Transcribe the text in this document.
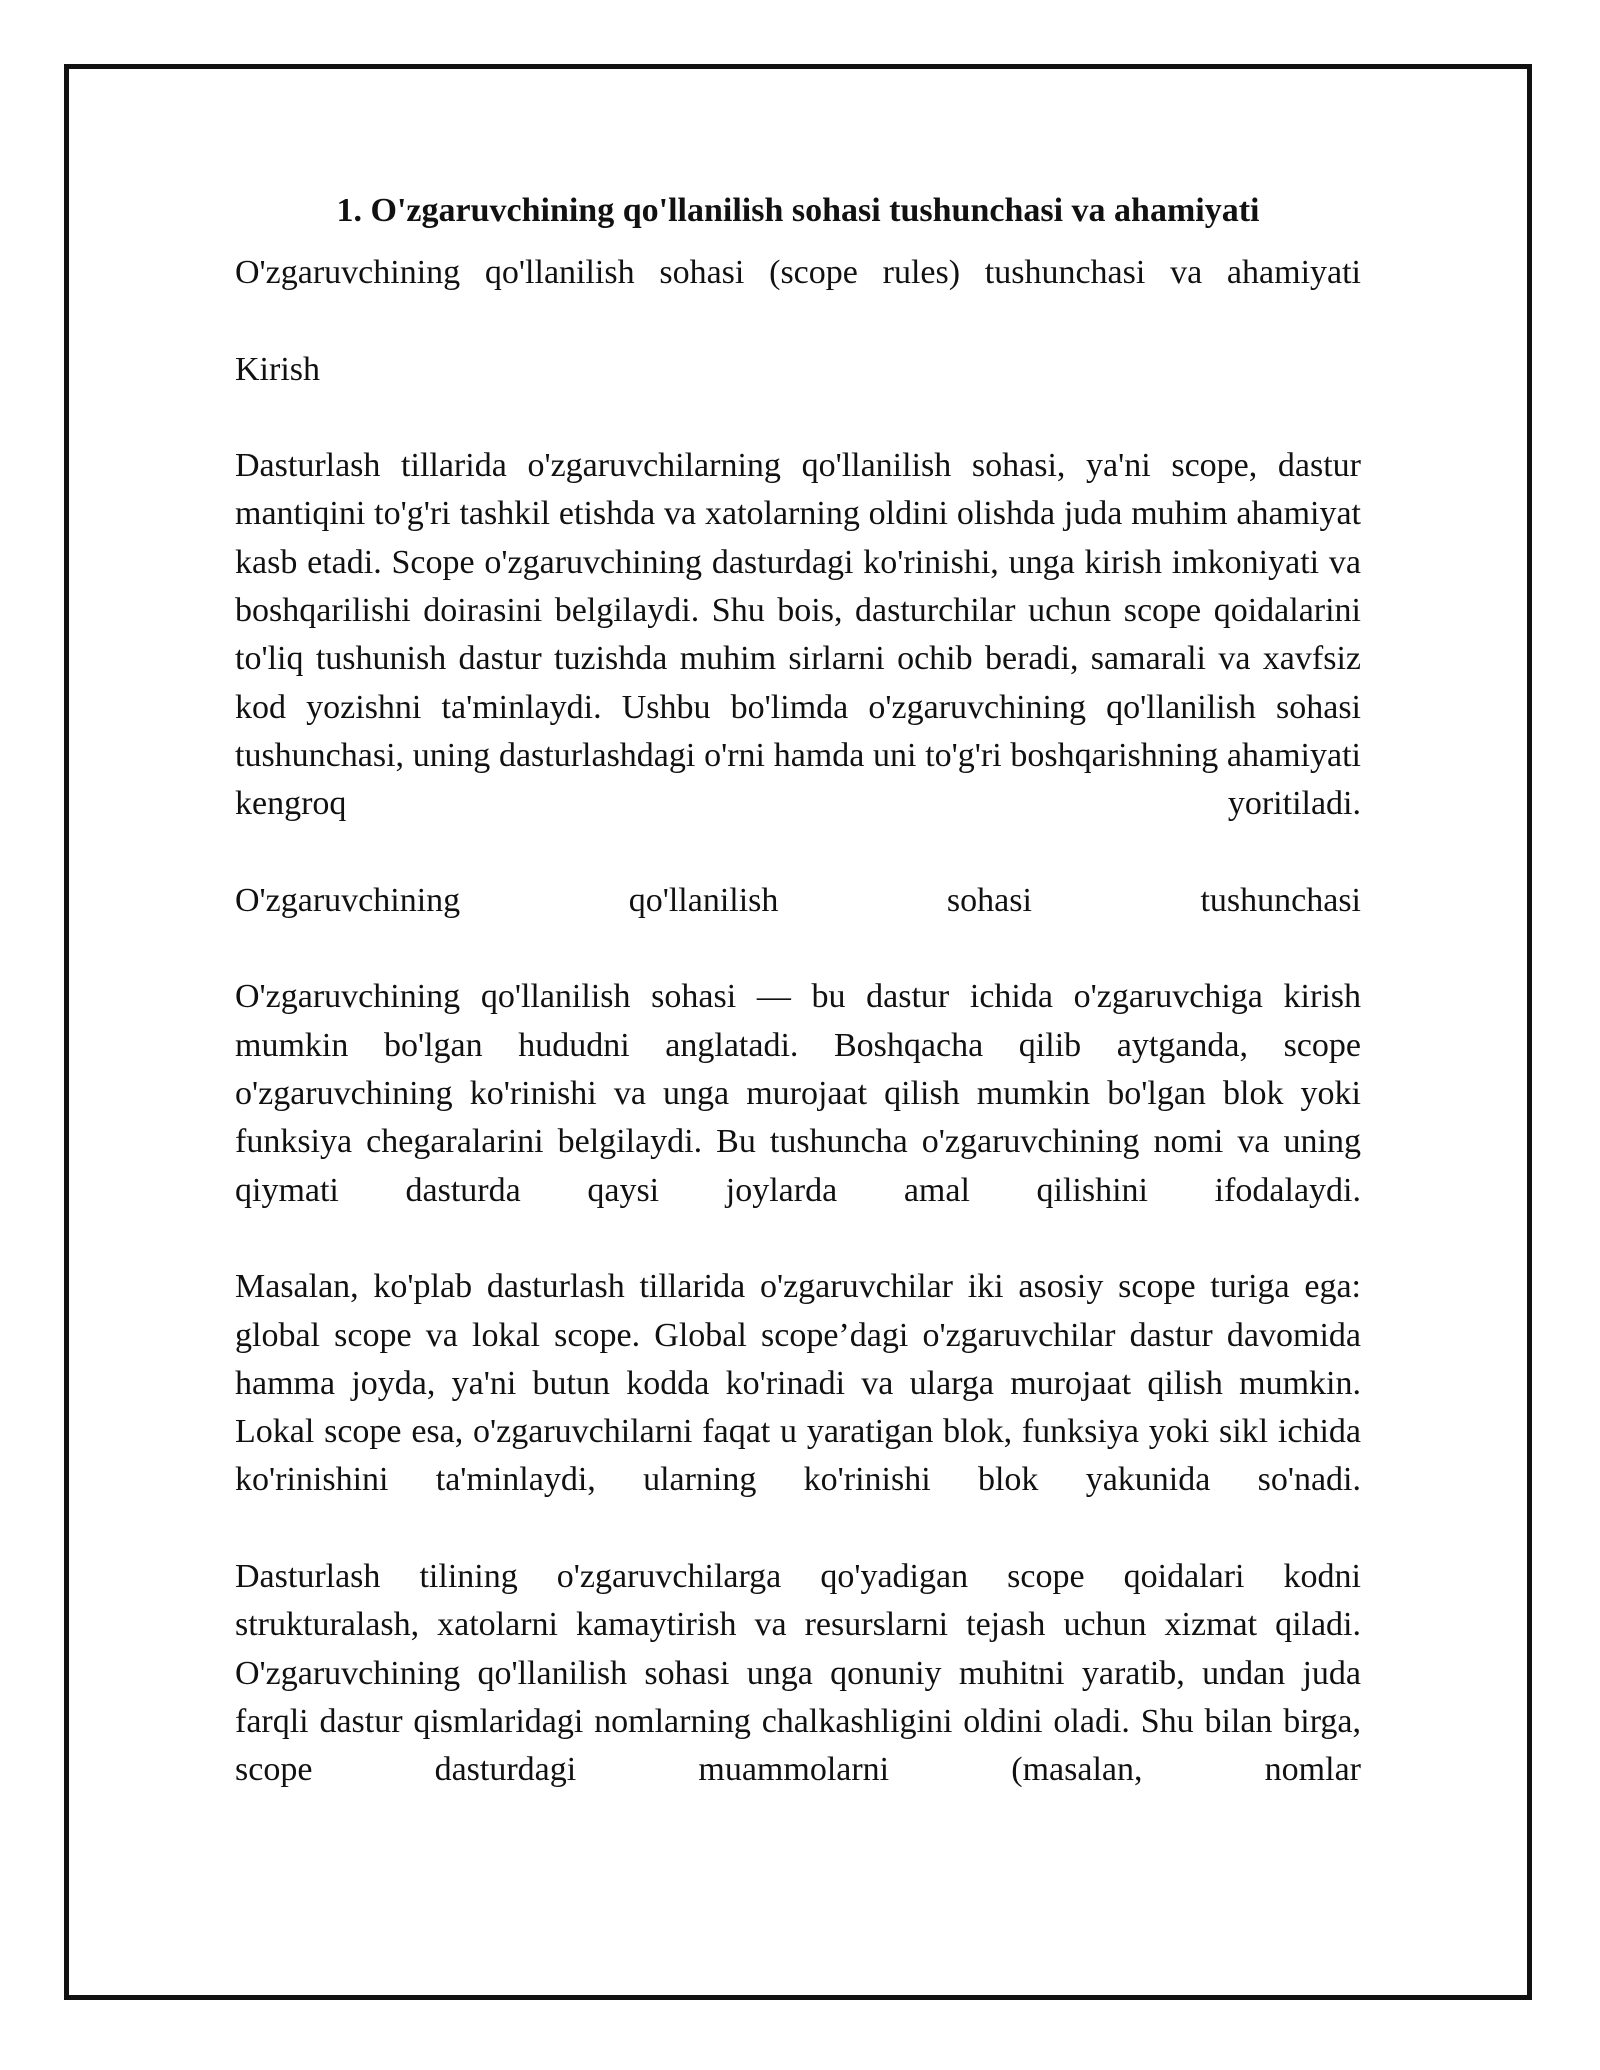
1. O'zgaruvchining qo'llanilish sohasi tushunchasi va ahamiyati

O'zgaruvchining qo'llanilish sohasi (scope rules) tushunchasi va ahamiyati

Kirish

Dasturlash tillarida o'zgaruvchilarning qo'llanilish sohasi, ya'ni scope, dastur mantiqini to'g'ri tashkil etishda va xatolarning oldini olishda juda muhim ahamiyat kasb etadi. Scope o'zgaruvchining dasturdagi ko'rinishi, unga kirish imkoniyati va boshqarilishi doirasini belgilaydi. Shu bois, dasturchilar uchun scope qoidalarini to'liq tushunish dastur tuzishda muhim sirlarni ochib beradi, samarali va xavfsiz kod yozishni ta'minlaydi. Ushbu bo'limda o'zgaruvchining qo'llanilish sohasi tushunchasi, uning dasturlashdagi o'rni hamda uni to'g'ri boshqarishning ahamiyati kengroq yoritiladi.

O'zgaruvchining qo'llanilish sohasi tushunchasi

O'zgaruvchining qo'llanilish sohasi — bu dastur ichida o'zgaruvchiga kirish mumkin bo'lgan hududni anglatadi. Boshqacha qilib aytganda, scope o'zgaruvchining ko'rinishi va unga murojaat qilish mumkin bo'lgan blok yoki funksiya chegaralarini belgilaydi. Bu tushuncha o'zgaruvchining nomi va uning qiymati dasturda qaysi joylarda amal qilishini ifodalaydi.

Masalan, ko'plab dasturlash tillarida o'zgaruvchilar iki asosiy scope turiga ega: global scope va lokal scope. Global scope’dagi o'zgaruvchilar dastur davomida hamma joyda, ya'ni butun kodda ko'rinadi va ularga murojaat qilish mumkin. Lokal scope esa, o'zgaruvchilarni faqat u yaratigan blok, funksiya yoki sikl ichida ko'rinishini ta'minlaydi, ularning ko'rinishi blok yakunida so'nadi.

Dasturlash tilining o'zgaruvchilarga qo'yadigan scope qoidalari kodni strukturalash, xatolarni kamaytirish va resurslarni tejash uchun xizmat qiladi. O'zgaruvchining qo'llanilish sohasi unga qonuniy muhitni yaratib, undan juda farqli dastur qismlaridagi nomlarning chalkashligini oldini oladi. Shu bilan birga, scope dasturdagi muammolarni (masalan, nomlar
